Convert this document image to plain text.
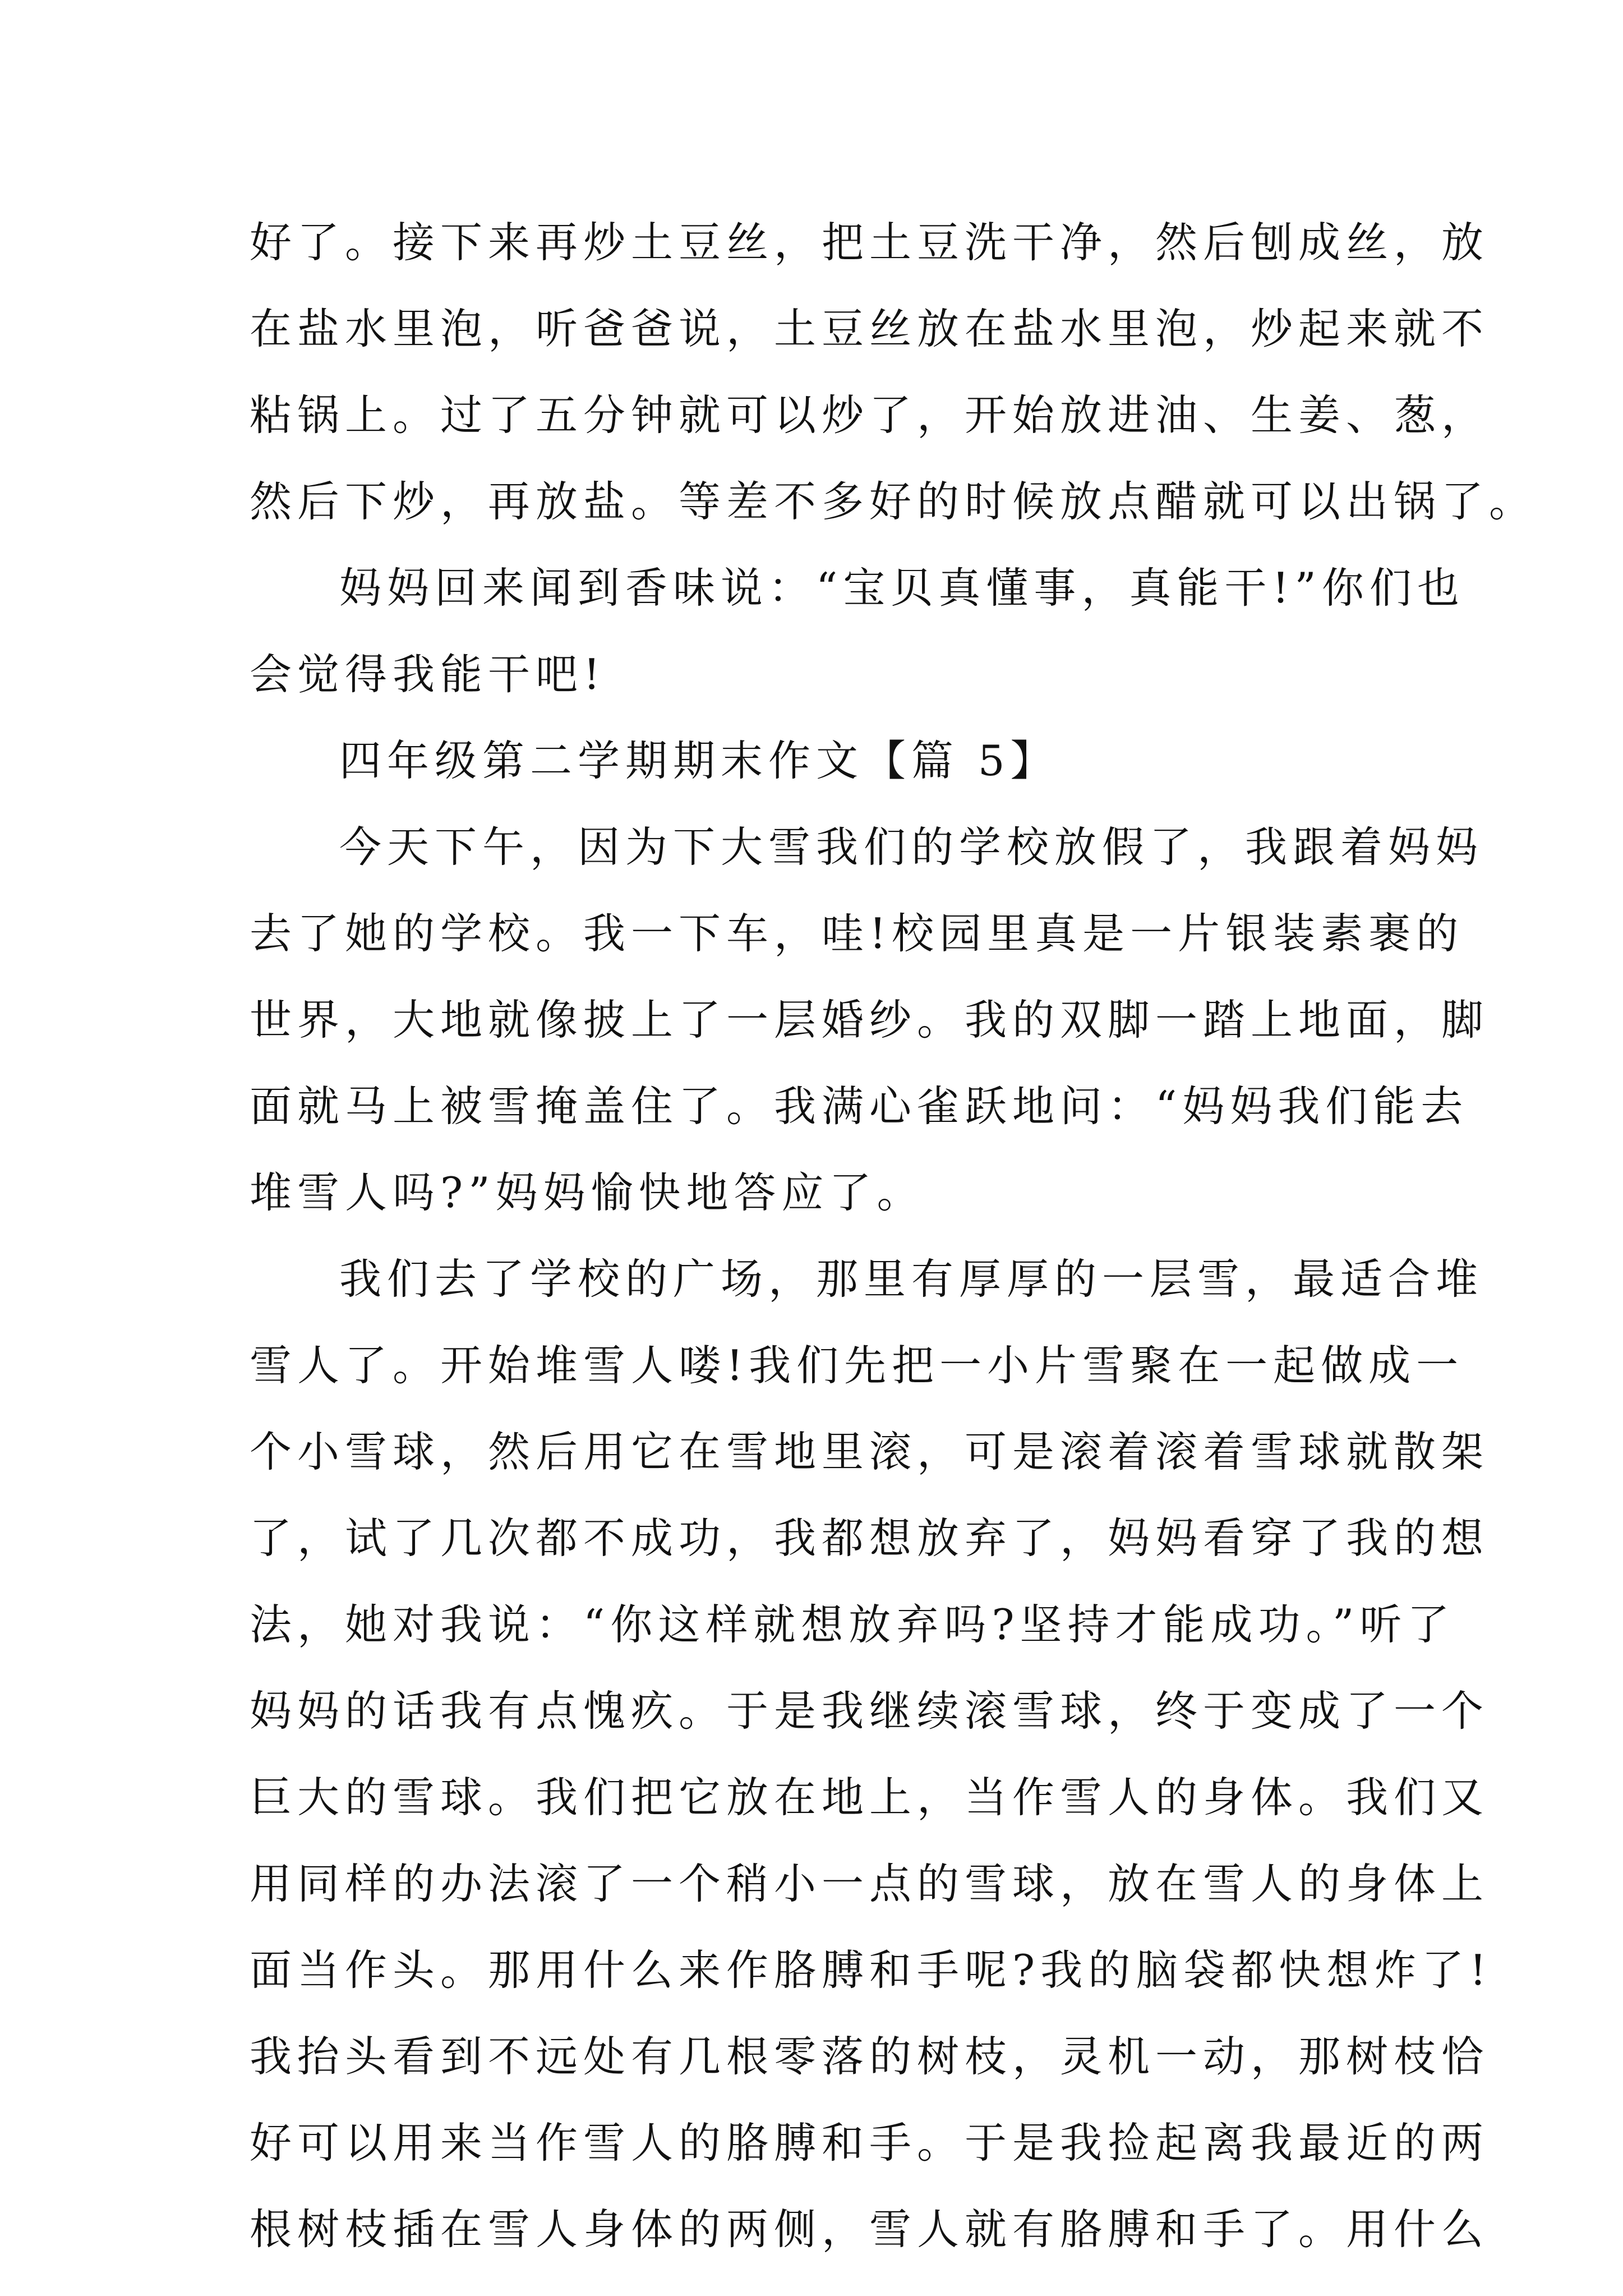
好了。接下来再炒土豆丝，把土豆洗干净，然后刨成丝，放
在盐水里泡，听爸爸说，土豆丝放在盐水里泡，炒起来就不
粘锅上。过了五分钟就可以炒了，开始放进油、生姜、葱，
然后下炒，再放盐。等差不多好的时候放点醋就可以出锅了。
妈妈回来闻到香味说：“宝贝真懂事，真能干!”你们也
会觉得我能干吧!
四年级第二学期期末作文【篇 5】
今天下午，因为下大雪我们的学校放假了，我跟着妈妈
去了她的学校。我一下车，哇!校园里真是一片银装素裹的
世界，大地就像披上了一层婚纱。我的双脚一踏上地面，脚
面就马上被雪掩盖住了。我满心雀跃地问：“妈妈我们能去
堆雪人吗?”妈妈愉快地答应了。
我们去了学校的广场，那里有厚厚的一层雪，最适合堆
雪人了。开始堆雪人喽!我们先把一小片雪聚在一起做成一
个小雪球，然后用它在雪地里滚，可是滚着滚着雪球就散架
了，试了几次都不成功，我都想放弃了，妈妈看穿了我的想
法，她对我说：“你这样就想放弃吗?坚持才能成功。”听了
妈妈的话我有点愧疚。于是我继续滚雪球，终于变成了一个
巨大的雪球。我们把它放在地上，当作雪人的身体。我们又
用同样的办法滚了一个稍小一点的雪球，放在雪人的身体上
面当作头。那用什么来作胳膊和手呢?我的脑袋都快想炸了!
我抬头看到不远处有几根零落的树枝，灵机一动，那树枝恰
好可以用来当作雪人的胳膊和手。于是我捡起离我最近的两
根树枝插在雪人身体的两侧，雪人就有胳膊和手了。用什么
